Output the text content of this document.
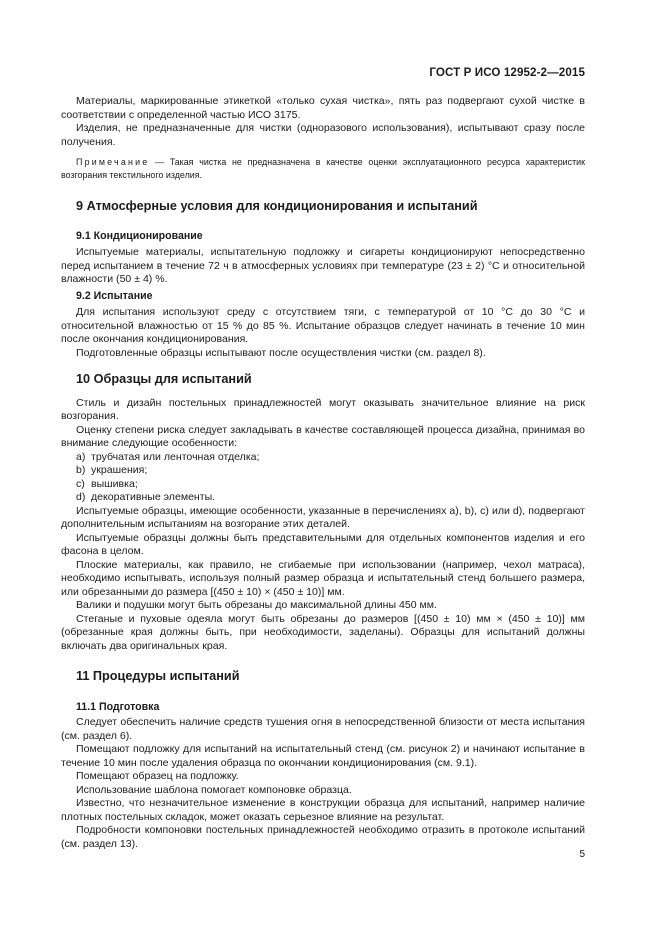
ГОСТ Р ИСО 12952-2—2015

Материалы, маркированные этикеткой «только сухая чистка», пять раз подвергают сухой чистке в соответствии с определенной частью ИСО 3175.

Изделия, не предназначенные для чистки (одноразового использования), испытывают сразу после получения.

Примечание — Такая чистка не предназначена в качестве оценки эксплуатационного ресурса характеристик возгорания текстильного изделия.

9 Атмосферные условия для кондиционирования и испытаний
9.1 Кондиционирование

Испытуемые материалы, испытательную подложку и сигареты кондиционируют непосредственно перед испытанием в течение 72 ч в атмосферных условиях при температуре (23 ± 2) °С и относительной влажности (50 ± 4) %.

9.2 Испытание

Для испытания используют среду с отсутствием тяги, с температурой от 10 °С до 30 °С и относительной влажностью от 15 % до 85 %. Испытание образцов следует начинать в течение 10 мин после окончания кондиционирования.

Подготовленные образцы испытывают после осуществления чистки (см. раздел 8).

10 Образцы для испытаний

Стиль и дизайн постельных принадлежностей могут оказывать значительное влияние на риск возгорания.

Оценку степени риска следует закладывать в качестве составляющей процесса дизайна, принимая во внимание следующие особенности:

a) трубчатая или ленточная отделка;
b) украшения;
c) вышивка;
d) декоративные элементы.

Испытуемые образцы, имеющие особенности, указанные в перечислениях a), b), c) или d), подвергают дополнительным испытаниям на возгорание этих деталей.

Испытуемые образцы должны быть представительными для отдельных компонентов изделия и его фасона в целом.

Плоские материалы, как правило, не сгибаемые при использовании (например, чехол матраса), необходимо испытывать, используя полный размер образца и испытательный стенд большего размера, или обрезанными до размера [(450 ± 10) × (450 ± 10)] мм.

Валики и подушки могут быть обрезаны до максимальной длины 450 мм.

Стеганые и пуховые одеяла могут быть обрезаны до размеров [(450 ± 10) мм × (450 ± 10)] мм (обрезанные края должны быть, при необходимости, заделаны). Образцы для испытаний должны включать два оригинальных края.

11 Процедуры испытаний
11.1 Подготовка

Следует обеспечить наличие средств тушения огня в непосредственной близости от места испытания (см. раздел 6).

Помещают подложку для испытаний на испытательный стенд (см. рисунок 2) и начинают испытание в течение 10 мин после удаления образца по окончании кондиционирования (см. 9.1).

Помещают образец на подложку.

Использование шаблона помогает компоновке образца.

Известно, что незначительное изменение в конструкции образца для испытаний, например наличие плотных постельных складок, может оказать серьезное влияние на результат.

Подробности компоновки постельных принадлежностей необходимо отразить в протоколе испытаний (см. раздел 13).

5
